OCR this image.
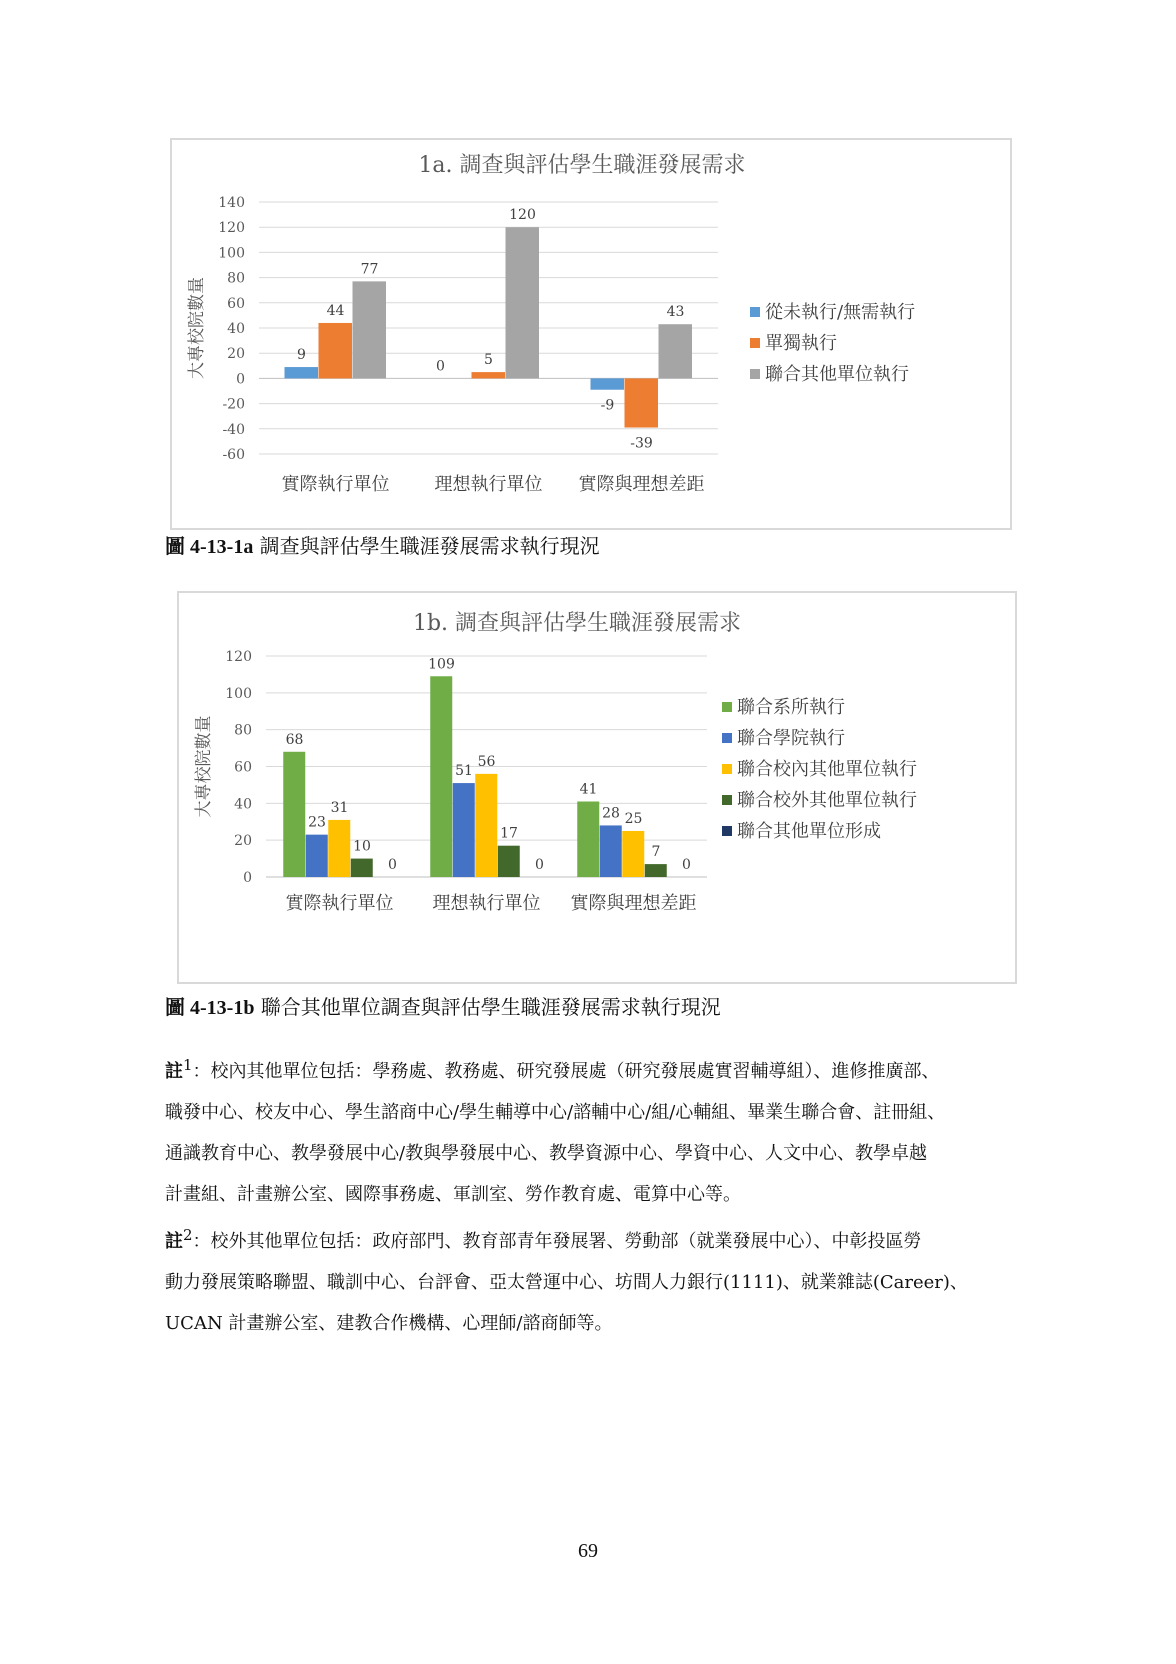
1a. 調查與評估學生職涯發展需求
大專校院數量
140
120
100
80
60
40
20
0
-20
-40
-60
實際執行單位
9
44
77
理想執行單位
0	5
120
實際與理想差距
-9
-39
43	從未執行/無需執行
單獨執行
聯合其他單位執行
圖 4-13-1a 調查與評估學生職涯發展需求執行現況
1b. 調查與評估學生職涯發展需求
大專校院數量
120
100
80
60
40
20
0
實際執行單位
68
23
31
10
0
理想執行單位
109
51
56
17
0
實際與理想差距
41
28 25
7
0
聯合系所執行
聯合學院執行
聯合校內其他單位執行
聯合校外其他單位執行
聯合其他單位形成
圖 4-13-1b 聯合其他單位調查與評估學生職涯發展需求執行現況

註$^1$：校內其他單位包括：學務處、教務處、研究發展處（研究發展處實習輔導組）、進修推廣部、

職發中心、校友中心、學生諮商中心/學生輔導中心/諮輔中心/組/心輔組、畢業生聯合會、註冊組、

通識教育中心、教學發展中心/教與學發展中心、教學資源中心、學資中心、人文中心、教學卓越

計畫組、計畫辦公室、國際事務處、軍訓室、勞作教育處、電算中心等。

註$^2$：校外其他單位包括：政府部門、教育部青年發展署、勞動部（就業發展中心）、中彰投區勞

動力發展策略聯盟、職訓中心、台評會、亞太營運中心、坊間人力銀行(1111)、就業雜誌(Career)、

UCAN 計畫辦公室、建教合作機構、心理師/諮商師等。

69
